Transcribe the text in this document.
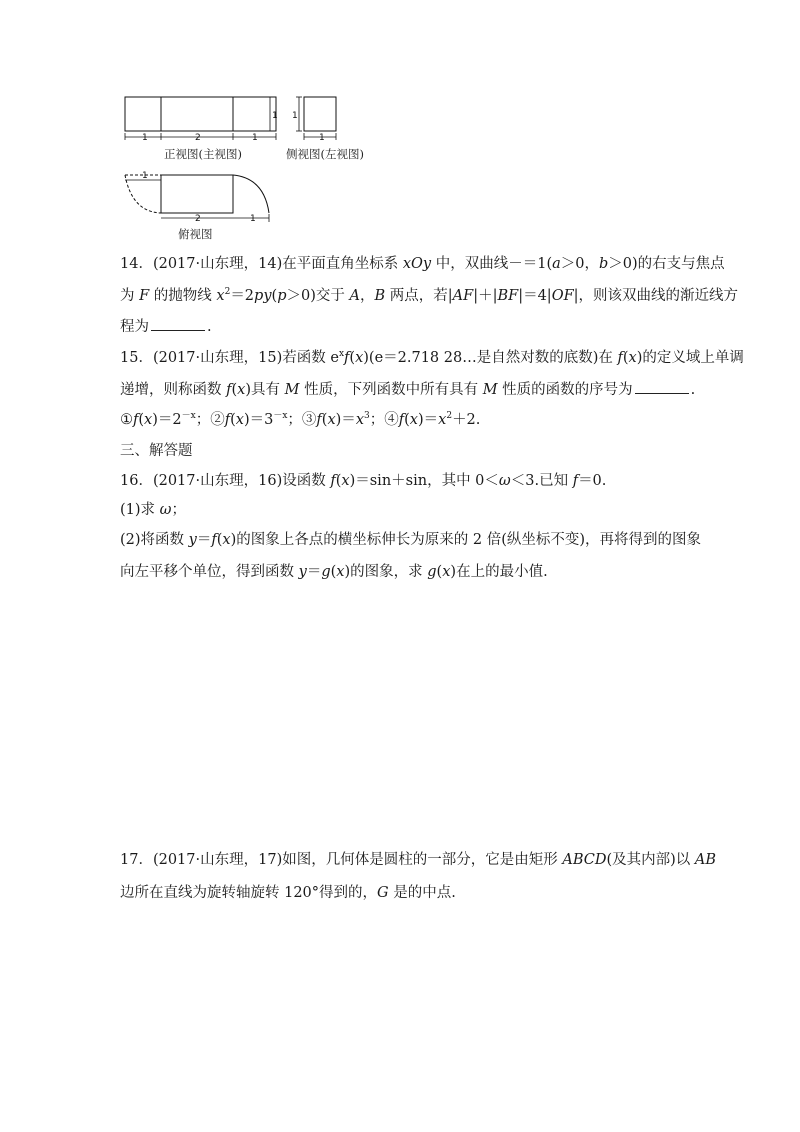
1	2	1
1
1
1
1
2	1
正视图(主视图)	侧视图(左视图)
俯视图
14．(2017·山东理，14)在平面直角坐标系 xOy 中，双曲线－＝1(a＞0，b＞0)的右支与焦点
为 F 的抛物线 $x^2=2py(p>0)$交于 A，B 两点，若|AF|＋|BF|＝4|OF|，则该双曲线的渐近线方
程为	.
15．(2017·山东理，15)若函数 $e^xf(x)(e=2.718$ 28…是自然对数的底数)在 f(x)的定义域上单调
递增，则称函数 f(x)具有 M 性质，下列函数中所有具有 M 性质的函数的序号为	.
$①f(x)=2^{-x}$；$②f(x)=3^{-x}$；$③f(x)=x^3$；$④f(x)=x^2+2$.
三、解答题
16．(2017·山东理，16)设函数 f(x)＝sin＋sin，其中 0＜ω＜3.已知 f＝0.
(1)求 ω；
(2)将函数 y＝f(x)的图象上各点的横坐标伸长为原来的 2 倍(纵坐标不变)，再将得到的图象
向左平移个单位，得到函数 y＝g(x)的图象，求 g(x)在上的最小值.
17．(2017·山东理，17)如图，几何体是圆柱的一部分，它是由矩形 ABCD(及其内部)以 AB
边所在直线为旋转轴旋转 120°得到的，G 是的中点.
